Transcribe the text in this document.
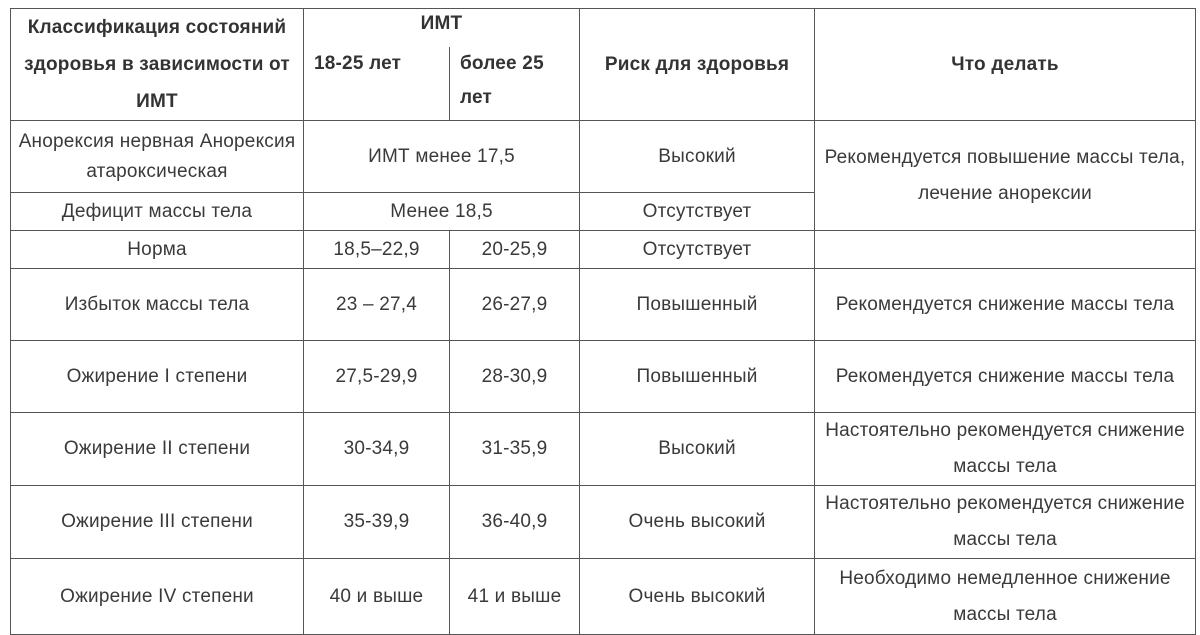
Классификация состояний здоровья в зависимости от ИМТ	ИМТ		Риск для здоровья	Что делать
	18-25 лет	более 25 лет		
Анорексия нервная Анорексия атароксическая	ИМТ менее 17,5		Высокий	Рекомендуется повышение массы тела, лечение анорексии
Дефицит массы тела	Менее 18,5		Отсутствует	
Норма	18,5–22,9	20-25,9	Отсутствует	
Избыток массы тела	23 – 27,4	26-27,9	Повышенный	Рекомендуется снижение массы тела
Ожирение I степени	27,5-29,9	28-30,9	Повышенный	Рекомендуется снижение массы тела
Ожирение II степени	30-34,9	31-35,9	Высокий	Настоятельно рекомендуется снижение массы тела
Ожирение III степени	35-39,9	36-40,9	Очень высокий	Настоятельно рекомендуется снижение массы тела
Ожирение IV степени	40 и выше	41 и выше	Очень высокий	Необходимо немедленное снижение массы тела
